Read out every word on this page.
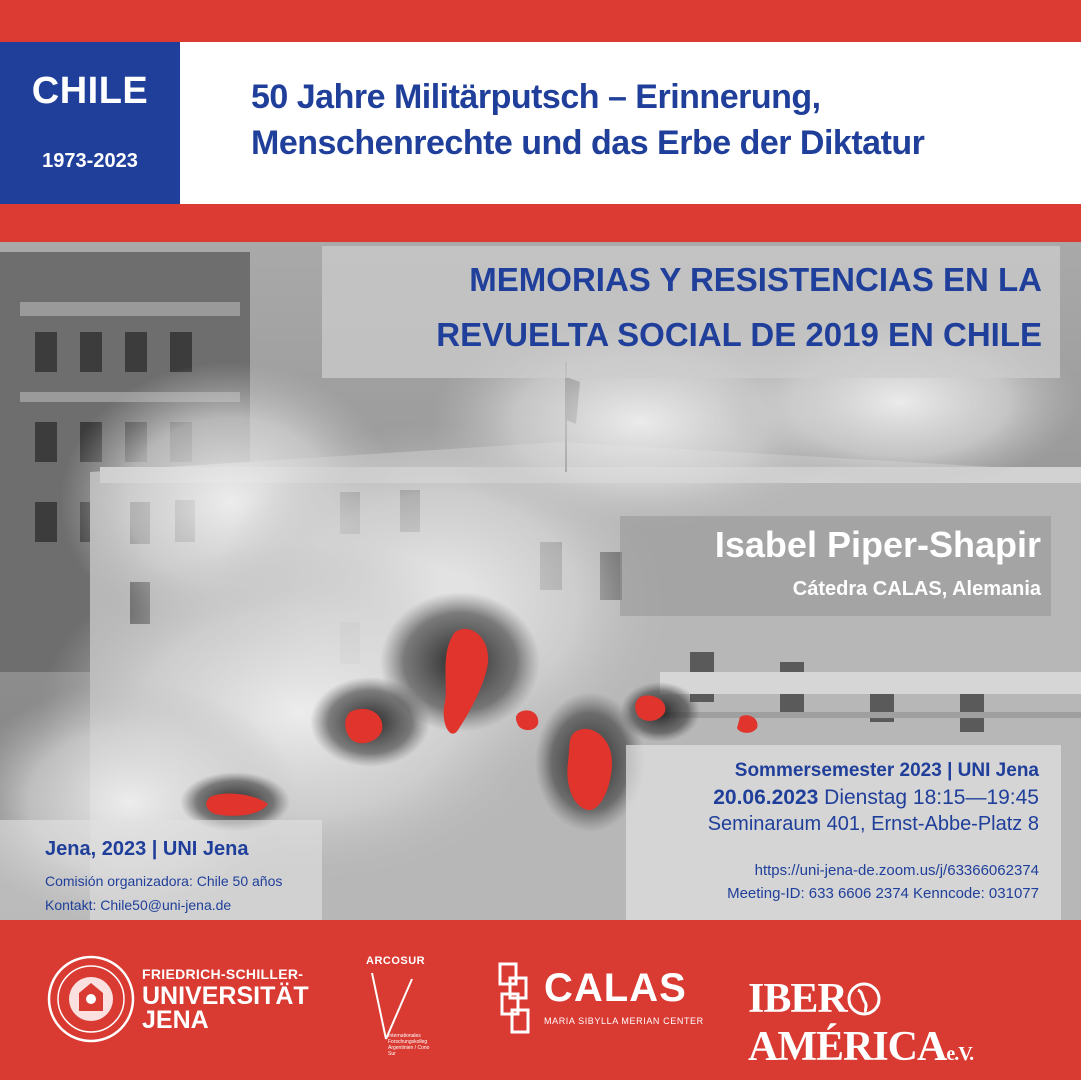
CHILE
1973-2023
50 Jahre Militärputsch – Erinnerung,
Menschenrechte und das Erbe der Diktatur
MEMORIAS Y RESISTENCIAS EN LA
REVUELTA SOCIAL DE 2019 EN CHILE
Isabel Piper-Shapir
Cátedra CALAS, Alemania
Sommersemester 2023 | UNI Jena
20.06.2023 Dienstag 18:15—19:45
Seminaraum 401, Ernst-Abbe-Platz 8
https://uni-jena-de.zoom.us/j/63366062374
Meeting-ID: 633 6606 2374 Kenncode: 031077
Jena, 2023 | UNI Jena
Comisión organizadora: Chile 50 años
Kontakt: Chile50@uni-jena.de
FRIEDRICH-SCHILLER-
UNIVERSITÄT
JENA
ARCOSUR
Internationales Forschungskolleg Argentinien / Cono Sur
CALAS
MARIA SIBYLLA MERIAN CENTER	IBERAMÉRICAe.V.
